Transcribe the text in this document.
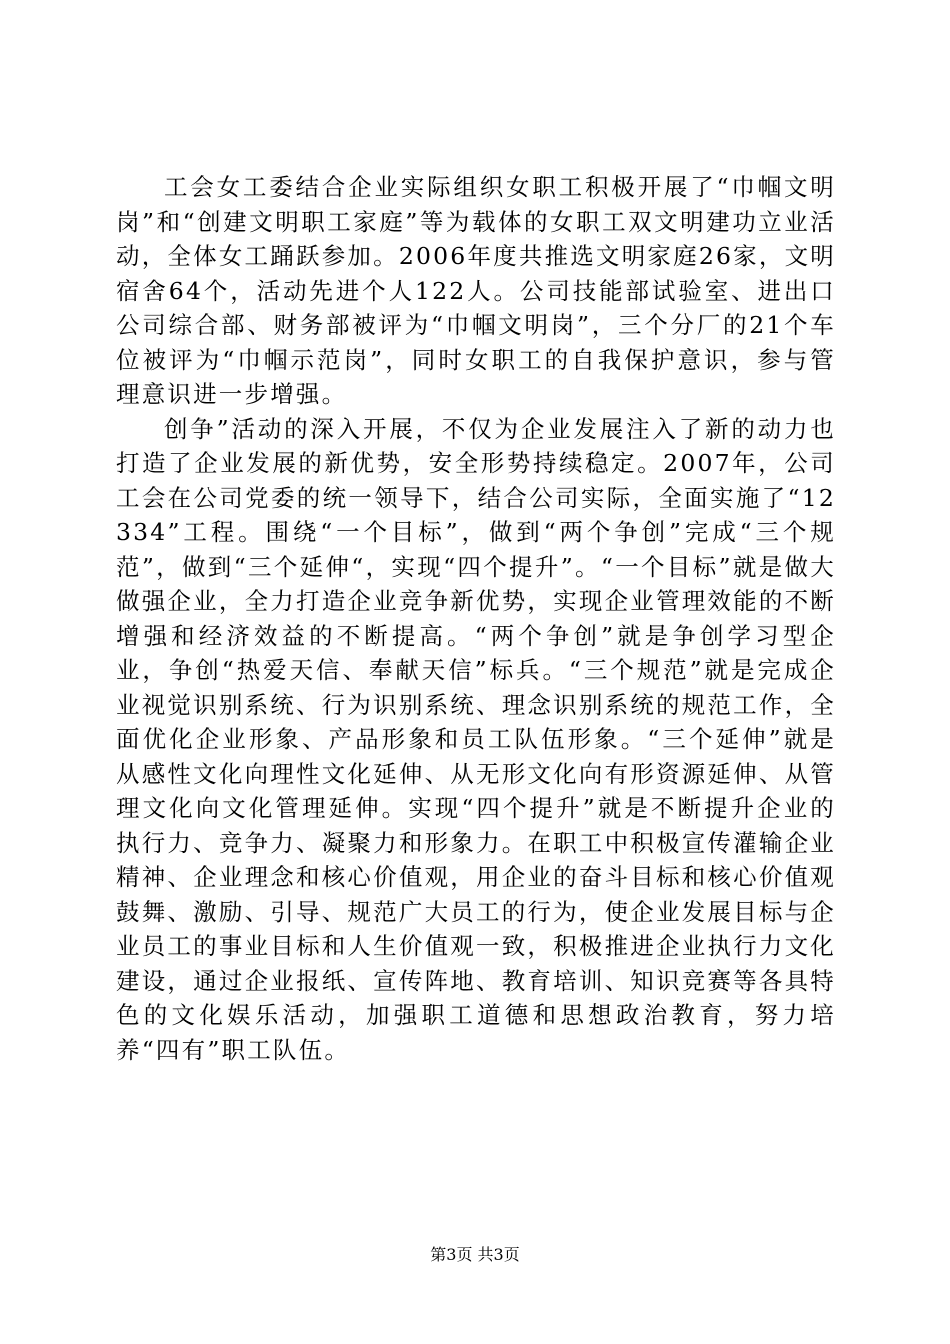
工会女工委结合企业实际组织女职工积极开展了“巾帼文明岗”和“创建文明职工家庭”等为载体的女职工双文明建功立业活动，全体女工踊跃参加。2006年度共推选文明家庭26家，文明宿舍64个，活动先进个人122人。公司技能部试验室、进出口公司综合部、财务部被评为“巾帼文明岗”，三个分厂的21个车位被评为“巾帼示范岗”，同时女职工的自我保护意识，参与管理意识进一步增强。

创争”活动的深入开展，不仅为企业发展注入了新的动力也打造了企业发展的新优势，安全形势持续稳定。2007年，公司工会在公司党委的统一领导下，结合公司实际，全面实施了“12334”工程。围绕“一个目标”，做到“两个争创”完成“三个规范”，做到“三个延伸“，实现“四个提升”。“一个目标”就是做大做强企业，全力打造企业竞争新优势，实现企业管理效能的不断增强和经济效益的不断提高。“两个争创”就是争创学习型企业，争创“热爱天信、奉献天信”标兵。“三个规范”就是完成企业视觉识别系统、行为识别系统、理念识别系统的规范工作，全面优化企业形象、产品形象和员工队伍形象。“三个延伸”就是从感性文化向理性文化延伸、从无形文化向有形资源延伸、从管理文化向文化管理延伸。实现“四个提升”就是不断提升企业的执行力、竞争力、凝聚力和形象力。在职工中积极宣传灌输企业精神、企业理念和核心价值观，用企业的奋斗目标和核心价值观鼓舞、激励、引导、规范广大员工的行为，使企业发展目标与企业员工的事业目标和人生价值观一致，积极推进企业执行力文化建设，通过企业报纸、宣传阵地、教育培训、知识竞赛等各具特色的文化娱乐活动，加强职工道德和思想政治教育，努力培养“四有”职工队伍。

第3页 共3页
